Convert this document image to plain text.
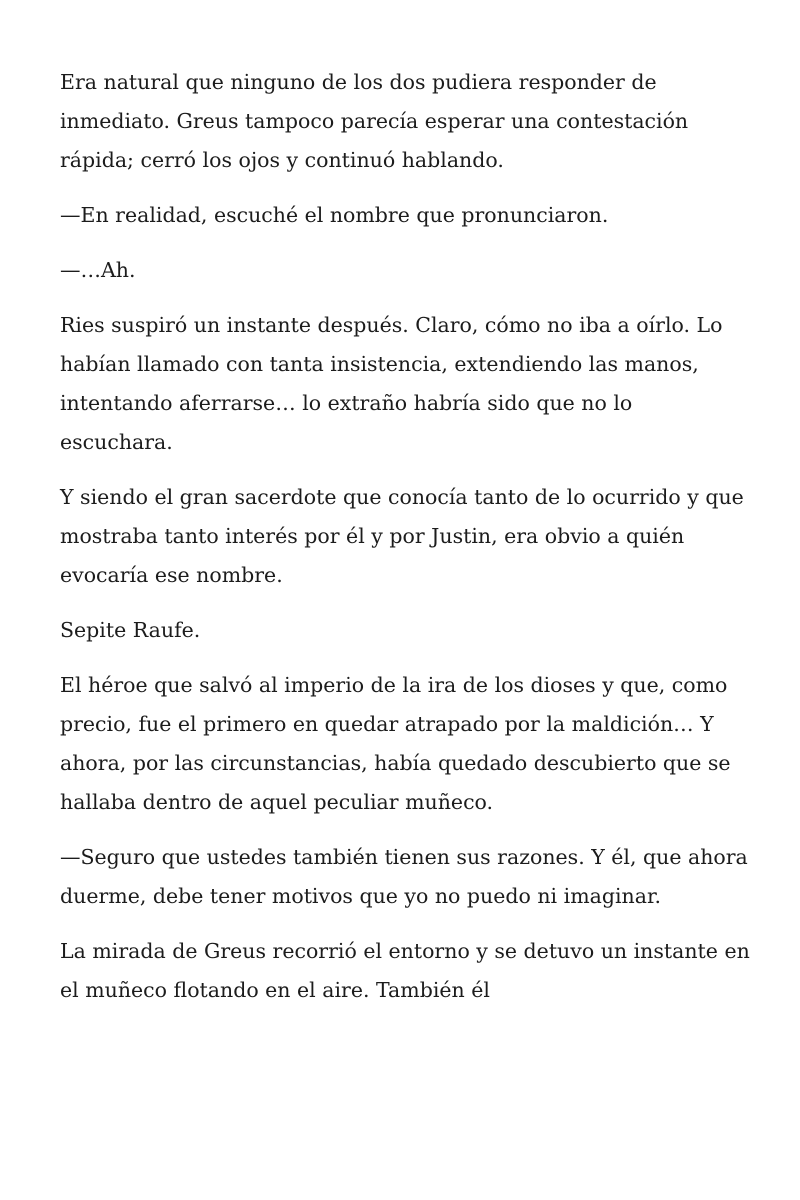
Era natural que ninguno de los dos pudiera responder de inmediato. Greus tampoco parecía esperar una contestación rápida; cerró los ojos y continuó hablando.

—En realidad, escuché el nombre que pronunciaron.

—…Ah.

Ries suspiró un instante después. Claro, cómo no iba a oírlo. Lo habían llamado con tanta insistencia, extendiendo las manos, intentando aferrarse… lo extraño habría sido que no lo escuchara.

Y siendo el gran sacerdote que conocía tanto de lo ocurrido y que mostraba tanto interés por él y por Justin, era obvio a quién evocaría ese nombre.

Sepite Raufe.

El héroe que salvó al imperio de la ira de los dioses y que, como precio, fue el primero en quedar atrapado por la maldición… Y ahora, por las circunstancias, había quedado descubierto que se hallaba dentro de aquel peculiar muñeco.

—Seguro que ustedes también tienen sus razones. Y él, que ahora duerme, debe tener motivos que yo no puedo ni imaginar.

La mirada de Greus recorrió el entorno y se detuvo un instante en el muñeco flotando en el aire. También él
